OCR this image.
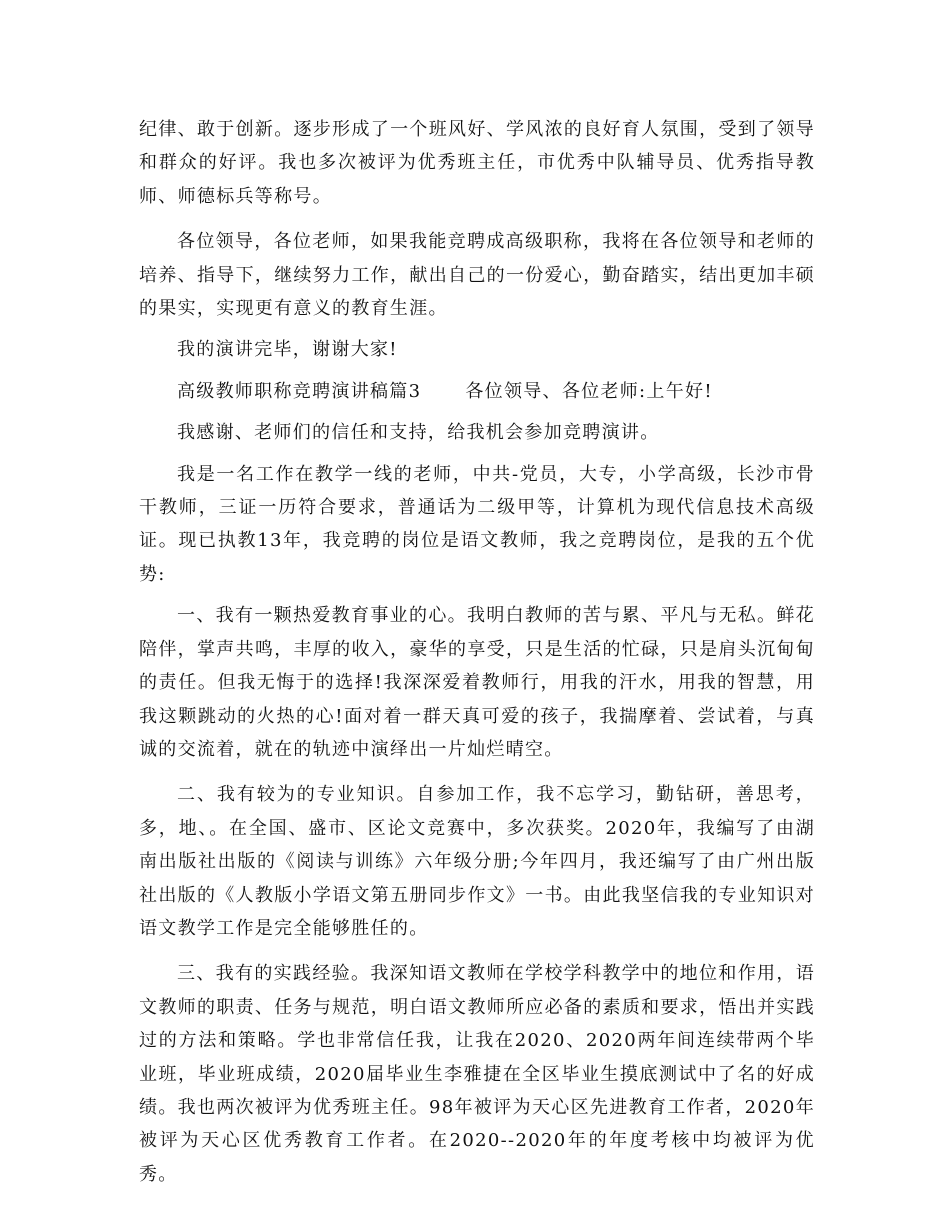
纪律、敢于创新。逐步形成了一个班风好、学风浓的良好育人氛围，受到了领导和群众的好评。我也多次被评为优秀班主任，市优秀中队辅导员、优秀指导教师、师德标兵等称号。

各位领导，各位老师，如果我能竞聘成高级职称，我将在各位领导和老师的培养、指导下，继续努力工作，献出自己的一份爱心，勤奋踏实，结出更加丰硕的果实，实现更有意义的教育生涯。

我的演讲完毕，谢谢大家!

高级教师职称竞聘演讲稿篇3 各位领导、各位老师:上午好!

我感谢、老师们的信任和支持，给我机会参加竞聘演讲。

我是一名工作在教学一线的老师，中共-党员，大专，小学高级，长沙市骨干教师，三证一历符合要求，普通话为二级甲等，计算机为现代信息技术高级证。现已执教13年，我竞聘的岗位是语文教师，我之竞聘岗位，是我的五个优势:

一、我有一颗热爱教育事业的心。我明白教师的苦与累、平凡与无私。鲜花陪伴，掌声共鸣，丰厚的收入，豪华的享受，只是生活的忙碌，只是肩头沉甸甸的责任。但我无悔于的选择!我深深爱着教师行，用我的汗水，用我的智慧，用我这颗跳动的火热的心!面对着一群天真可爱的孩子，我揣摩着、尝试着，与真诚的交流着，就在的轨迹中演绎出一片灿烂晴空。

二、我有较为的专业知识。自参加工作，我不忘学习，勤钻研，善思考，多，地、。在全国、盛市、区论文竞赛中，多次获奖。2020年，我编写了由湖南出版社出版的《阅读与训练》六年级分册;今年四月，我还编写了由广州出版社出版的《人教版小学语文第五册同步作文》一书。由此我坚信我的专业知识对语文教学工作是完全能够胜任的。

三、我有的实践经验。我深知语文教师在学校学科教学中的地位和作用，语文教师的职责、任务与规范，明白语文教师所应必备的素质和要求，悟出并实践过的方法和策略。学也非常信任我，让我在2020、2020两年间连续带两个毕业班，毕业班成绩，2020届毕业生李雅捷在全区毕业生摸底测试中了名的好成绩。我也两次被评为优秀班主任。98年被评为天心区先进教育工作者，2020年被评为天心区优秀教育工作者。在2020--2020年的年度考核中均被评为优秀。
